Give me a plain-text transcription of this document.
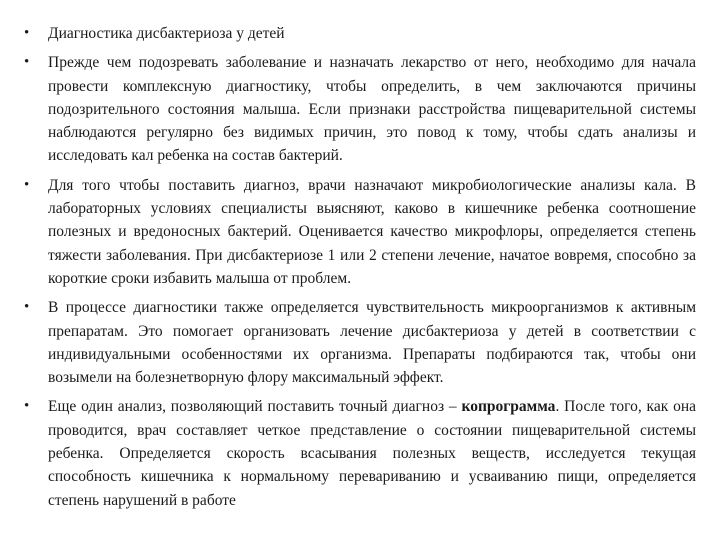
• Диагностика дисбактериоза у детей
• Прежде чем подозревать заболевание и назначать лекарство от него, необходимо для начала провести комплексную диагностику, чтобы определить, в чем заключаются причины подозрительного состояния малыша. Если признаки расстройства пищеварительной системы наблюдаются регулярно без видимых причин, это повод к тому, чтобы сдать анализы и исследовать кал ребенка на состав бактерий.
• Для того чтобы поставить диагноз, врачи назначают микробиологические анализы кала. В лабораторных условиях специалисты выясняют, каково в кишечнике ребенка соотношение полезных и вредоносных бактерий. Оценивается качество микрофлоры, определяется степень тяжести заболевания. При дисбактериозе 1 или 2 степени лечение, начатое вовремя, способно за короткие сроки избавить малыша от проблем.
• В процессе диагностики также определяется чувствительность микроорганизмов к активным препаратам. Это помогает организовать лечение дисбактериоза у детей в соответствии с индивидуальными особенностями их организма. Препараты подбираются так, чтобы они возымели на болезнетворную флору максимальный эффект.
• Еще один анализ, позволяющий поставить точный диагноз – копрограмма. После того, как она проводится, врач составляет четкое представление о состоянии пищеварительной системы ребенка. Определяется скорость всасывания полезных веществ, исследуется текущая способность кишечника к нормальному перевариванию и усваиванию пищи, определяется степень нарушений в работе
